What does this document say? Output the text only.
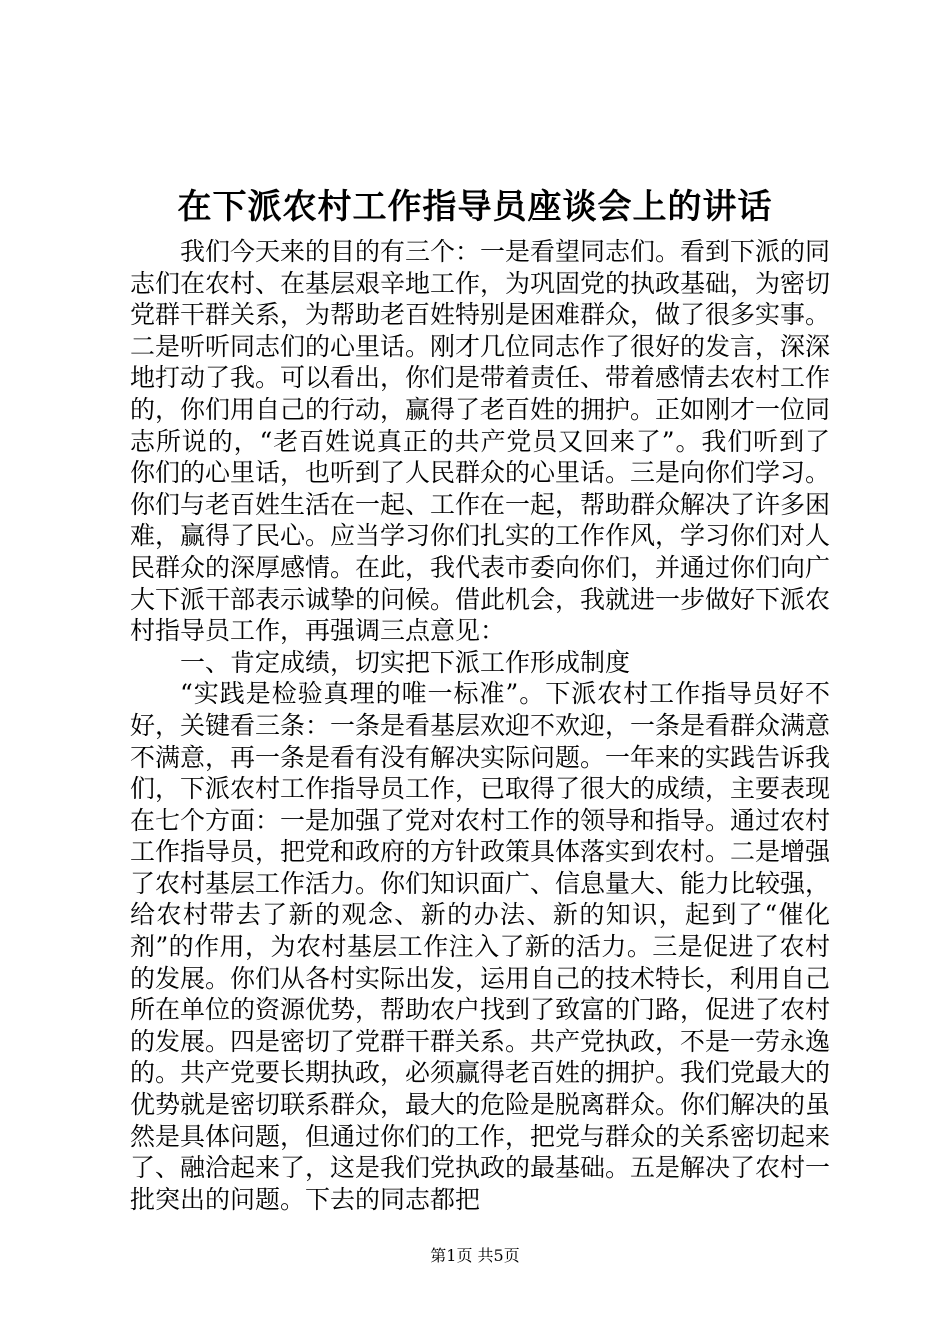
在下派农村工作指导员座谈会上的讲话

我们今天来的目的有三个：一是看望同志们。看到下派的同志们在农村、在基层艰辛地工作，为巩固党的执政基础，为密切党群干群关系，为帮助老百姓特别是困难群众，做了很多实事。二是听听同志们的心里话。刚才几位同志作了很好的发言，深深地打动了我。可以看出，你们是带着责任、带着感情去农村工作的，你们用自己的行动，赢得了老百姓的拥护。正如刚才一位同志所说的，“老百姓说真正的共产党员又回来了”。我们听到了你们的心里话，也听到了人民群众的心里话。三是向你们学习。你们与老百姓生活在一起、工作在一起，帮助群众解决了许多困难，赢得了民心。应当学习你们扎实的工作作风，学习你们对人民群众的深厚感情。在此，我代表市委向你们，并通过你们向广大下派干部表示诚挚的问候。借此机会，我就进一步做好下派农村指导员工作，再强调三点意见：

一、肯定成绩，切实把下派工作形成制度

“实践是检验真理的唯一标准”。下派农村工作指导员好不好，关键看三条：一条是看基层欢迎不欢迎，一条是看群众满意不满意，再一条是看有没有解决实际问题。一年来的实践告诉我们，下派农村工作指导员工作，已取得了很大的成绩，主要表现在七个方面：一是加强了党对农村工作的领导和指导。通过农村工作指导员，把党和政府的方针政策具体落实到农村。二是增强了农村基层工作活力。你们知识面广、信息量大、能力比较强，给农村带去了新的观念、新的办法、新的知识，起到了“催化剂”的作用，为农村基层工作注入了新的活力。三是促进了农村的发展。你们从各村实际出发，运用自己的技术特长，利用自己所在单位的资源优势，帮助农户找到了致富的门路，促进了农村的发展。四是密切了党群干群关系。共产党执政，不是一劳永逸的。共产党要长期执政，必须赢得老百姓的拥护。我们党最大的优势就是密切联系群众，最大的危险是脱离群众。你们解决的虽然是具体问题，但通过你们的工作，把党与群众的关系密切起来了、融洽起来了，这是我们党执政的最基础。五是解决了农村一批突出的问题。下去的同志都把

第1页 共5页
